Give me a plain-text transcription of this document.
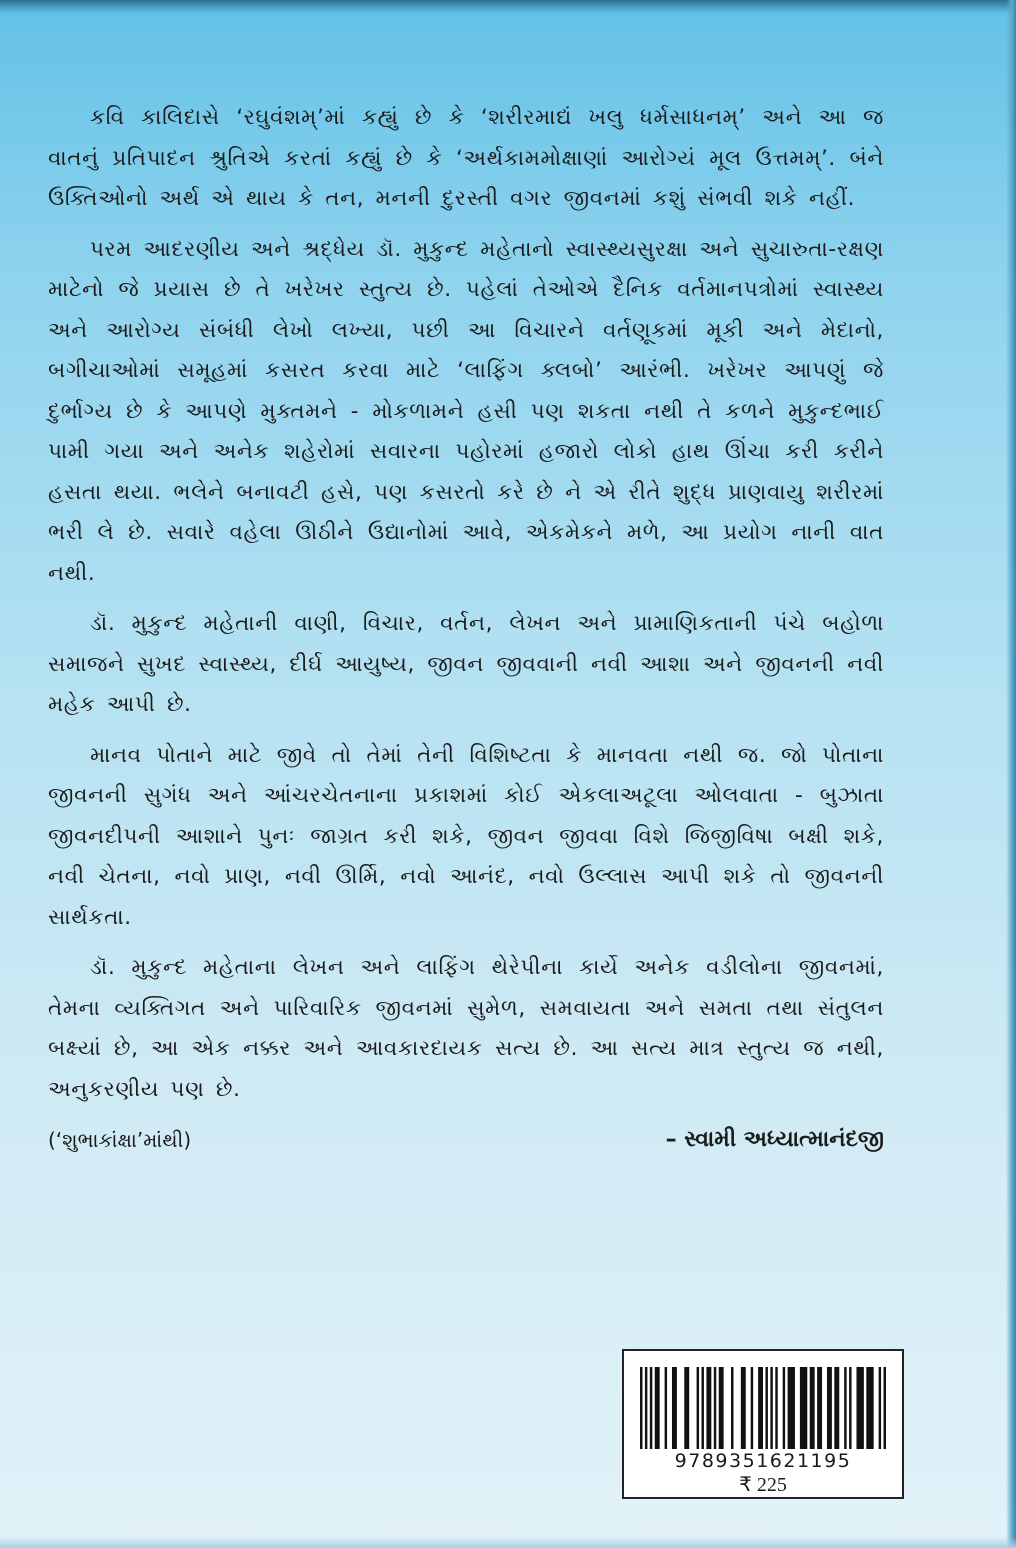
કવિ કાલિદાસે ‘રઘુવંશમ્’માં કહ્યું છે કે ‘શરીરમાદ્યં ખલુ ધર્મસાધનમ્’ અને આ જ વાતનું પ્રતિપાદન શ્રુતિએ કરતાં કહ્યું છે કે ‘અર્થકામમોક્ષાણાં આરોગ્યં મૂલ ઉત્તમમ્’. બંને ઉક્તિઓનો અર્થ એ થાય કે તન, મનની દુરસ્તી વગર જીવનમાં કશું સંભવી શકે નહીં.

પરમ આદરણીય અને શ્રદ્ધેય ડૉ. મુકુન્દ મહેતાનો સ્વાસ્થ્યસુરક્ષા અને સુચારુતા-રક્ષણ માટેનો જે પ્રયાસ છે તે ખરેખર સ્તુત્ય છે. પહેલાં તેઓએ દૈનિક વર્તમાનપત્રોમાં સ્વાસ્થ્ય અને આરોગ્ય સંબંધી લેખો લખ્યા, પછી આ વિચારને વર્તણૂકમાં મૂકી અને મેદાનો, બગીચાઓમાં સમૂહમાં કસરત કરવા માટે ‘લાફિંગ ક્લબો’ આરંભી. ખરેખર આપણું જે દુર્ભાગ્ય છે કે આપણે મુક્તમને - મોકળામને હસી પણ શકતા નથી તે કળને મુકુન્દભાઈ પામી ગયા અને અનેક શહેરોમાં સવારના પહોરમાં હજારો લોકો હાથ ઊંચા કરી કરીને હસતા થયા. ભલેને બનાવટી હસે, પણ કસરતો કરે છે ને એ રીતે શુદ્ધ પ્રાણવાયુ શરીરમાં ભરી લે છે. સવારે વહેલા ઊઠીને ઉદ્યાનોમાં આવે, એકમેકને મળે, આ પ્રયોગ નાની વાત નથી.

ડૉ. મુકુન્દ મહેતાની વાણી, વિચાર, વર્તન, લેખન અને પ્રામાણિકતાની પંચે બહોળા સમાજને સુખદ સ્વાસ્થ્ય, દીર્ઘ આયુષ્ય, જીવન જીવવાની નવી આશા અને જીવનની નવી મહેક આપી છે.

માનવ પોતાને માટે જીવે તો તેમાં તેની વિશિષ્ટતા કે માનવતા નથી જ. જો પોતાના જીવનની સુગંધ અને આંચરચેતનાના પ્રકાશમાં કોઈ એકલાઅટૂલા ઓલવાતા - બુઝાતા જીવનદીપની આશાને પુનઃ જાગ્રત કરી શકે, જીવન જીવવા વિશે જિજીવિષા બક્ષી શકે, નવી ચેતના, નવો પ્રાણ, નવી ઊર્મિ, નવો આનંદ, નવો ઉલ્લાસ આપી શકે તો જીવનની સાર્થકતા.

ડૉ. મુકુન્દ મહેતાના લેખન અને લાફિંગ થેરેપીના કાર્યે અનેક વડીલોના જીવનમાં, તેમના વ્યક્તિગત અને પારિવારિક જીવનમાં સુમેળ, સમવાયતા અને સમતા તથા સંતુલન બક્ષ્યાં છે, આ એક નક્કર અને આવકારદાયક સત્ય છે. આ સત્ય માત્ર સ્તુત્ય જ નથી, અનુકરણીય પણ છે.

(‘શુભાકાંક્ષા’માંથી)	– સ્વામી અધ્યાત્માનંદજી
9789351621195
₹ 225
